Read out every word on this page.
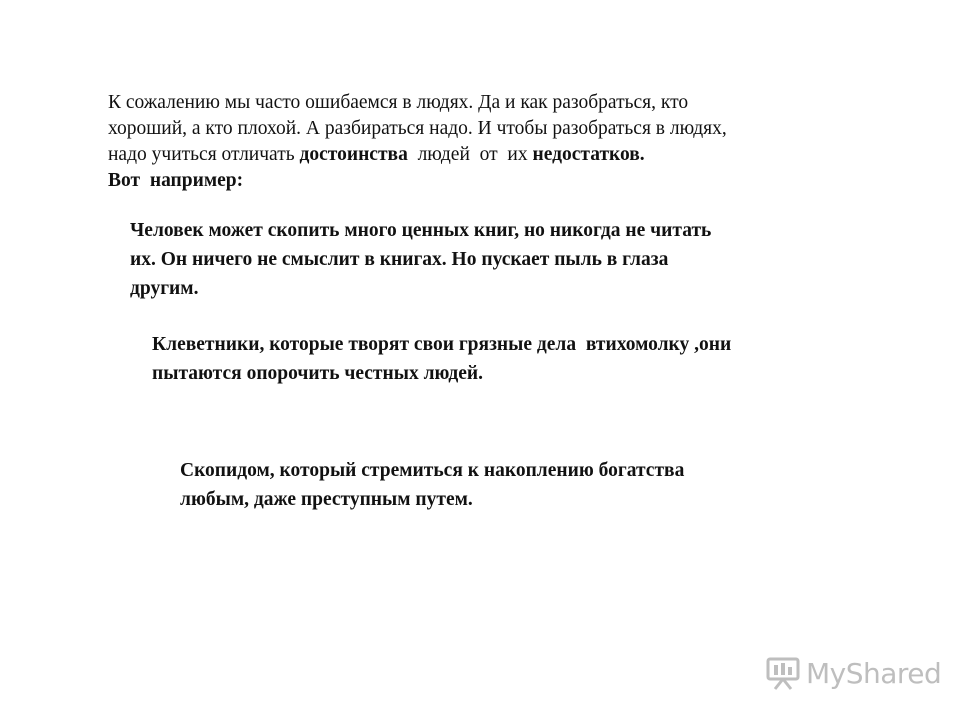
К сожалению мы часто ошибаемся в людях. Да и как разобраться, кто
хороший, а кто плохой. А разбираться надо. И чтобы разобраться в людях,
надо учиться отличать достоинства  людей  от  их недостатков.
Вот  например:

Человек может скопить много ценных книг, но никогда не читать
их. Он ничего не смыслит в книгах. Но пускает пыль в глаза
другим.

Клеветники, которые творят свои грязные дела  втихомолку ,они
пытаются опорочить честных людей.

Скопидом, который стремиться к накоплению богатства
любым, даже преступным путем.

MyShared
